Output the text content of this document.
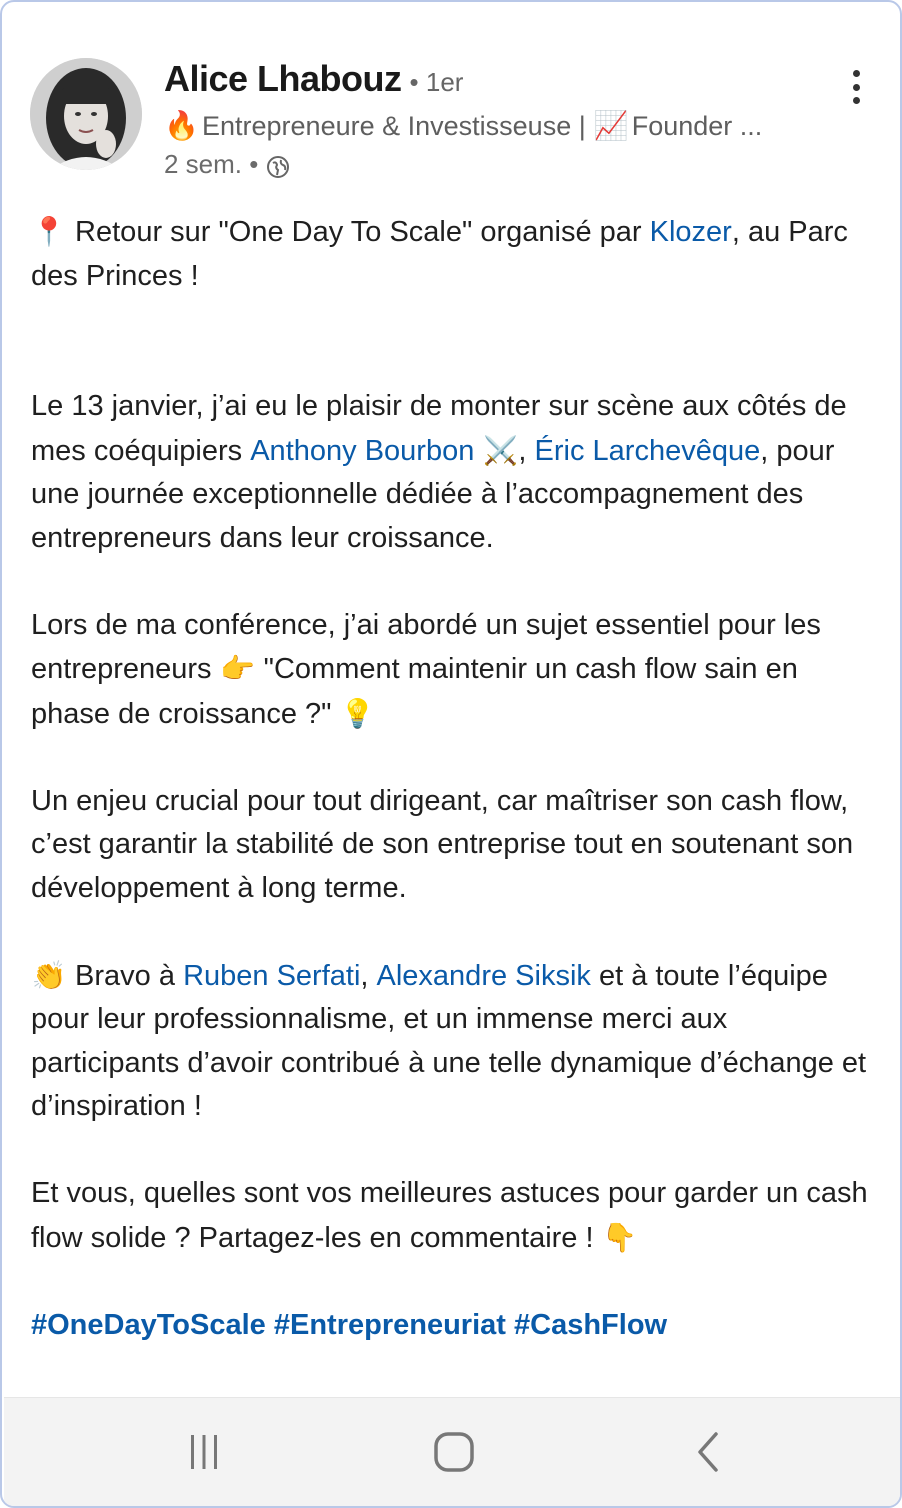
Alice Lhabouz • 1er
🔥 Entrepreneure & Investisseuse | 📈 Founder ...
2 sem. •

📍 Retour sur "One Day To Scale" organisé par Klozer, au Parc des Princes !

Le 13 janvier, j’ai eu le plaisir de monter sur scène aux côtés de mes coéquipiers Anthony Bourbon ⚔️, Éric Larchevêque, pour une journée exceptionnelle dédiée à l’accompagnement des entrepreneurs dans leur croissance.

Lors de ma conférence, j’ai abordé un sujet essentiel pour les entrepreneurs 👉 "Comment maintenir un cash flow sain en phase de croissance ?" 💡

Un enjeu crucial pour tout dirigeant, car maîtriser son cash flow, c’est garantir la stabilité de son entreprise tout en soutenant son développement à long terme.

👏 Bravo à Ruben Serfati, Alexandre Siksik et à toute l’équipe pour leur professionnalisme, et un immense merci aux participants d’avoir contribué à une telle dynamique d’échange et d’inspiration !

Et vous, quelles sont vos meilleures astuces pour garder un cash flow solide ? Partagez-les en commentaire ! 👇

#OneDayToScale #Entrepreneuriat #CashFlow
